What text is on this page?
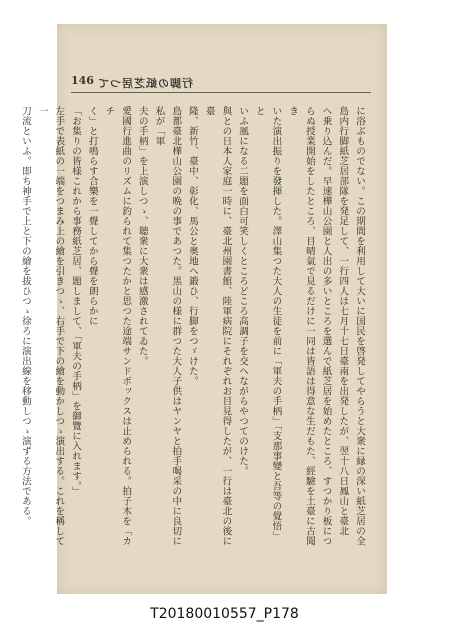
146 行脚の紙芝居つて

に浴ぶものでない。この期間を利用して大いに国民を啓発してやらうと大衆に縁の深い紙芝居の全

島内行脚紙芝居部隊を発足して、一行四人は七月十七日臺南を出発したが、翌十八日鳳山と臺北

へ乗り込んだ。早速樺山公園と人出の多いところを選んで紙芝居を始めたところ、すつかり板につ

らぬ授業開始をしたところ、目晴氣で見るだけに一同は皆語は得意な生だもた、經驗を土臺に古聞き

いた演出振りを發揮した。澤山集つた大人の生徒を前に「軍夫の手柄」「支那事變と吾等の覺悟」と

いふ風になる二題を面白可笑しくところどころ高調子を交へながらやつてのけた。

與との日本人家庭一時に、臺北州園書館、陸軍病院にそれぞれお目見得したが、一行は臺北の後に臺

隆、新竹、臺中、彰化、馬公と奥地へ鍛ひ、行脚をつゞけた。

島都臺北樺山公園の晩の事であつた。黒山の様に群つた大人子供はヤンヤと拍手喝采の中に良切に私が「軍

夫の手柄」を上演しつゝ、聴衆に大衆は感激されてゐた。

愛國行進曲のリズムに釣られて集つたかと思つた途端サンドボックスは止められる。拍子木を「カチ

く」と打鳴らす合樂を一聲してから聲を朗らかに

「お集りの皆様これから事務紙芝居、題しまして、「軍夫の手柄」を御覽に入れます。」

左手で表紙の一端をつまみ上の繪を引きつゝ、右手で下の繪を動かしつゝ演出する。これを稱して一

刀流といふ。即ち神手で上と下の繪を拔ひつゝ徐ろに演出線を移動しつゝ演ずる方法である。

T20180010557_P178
